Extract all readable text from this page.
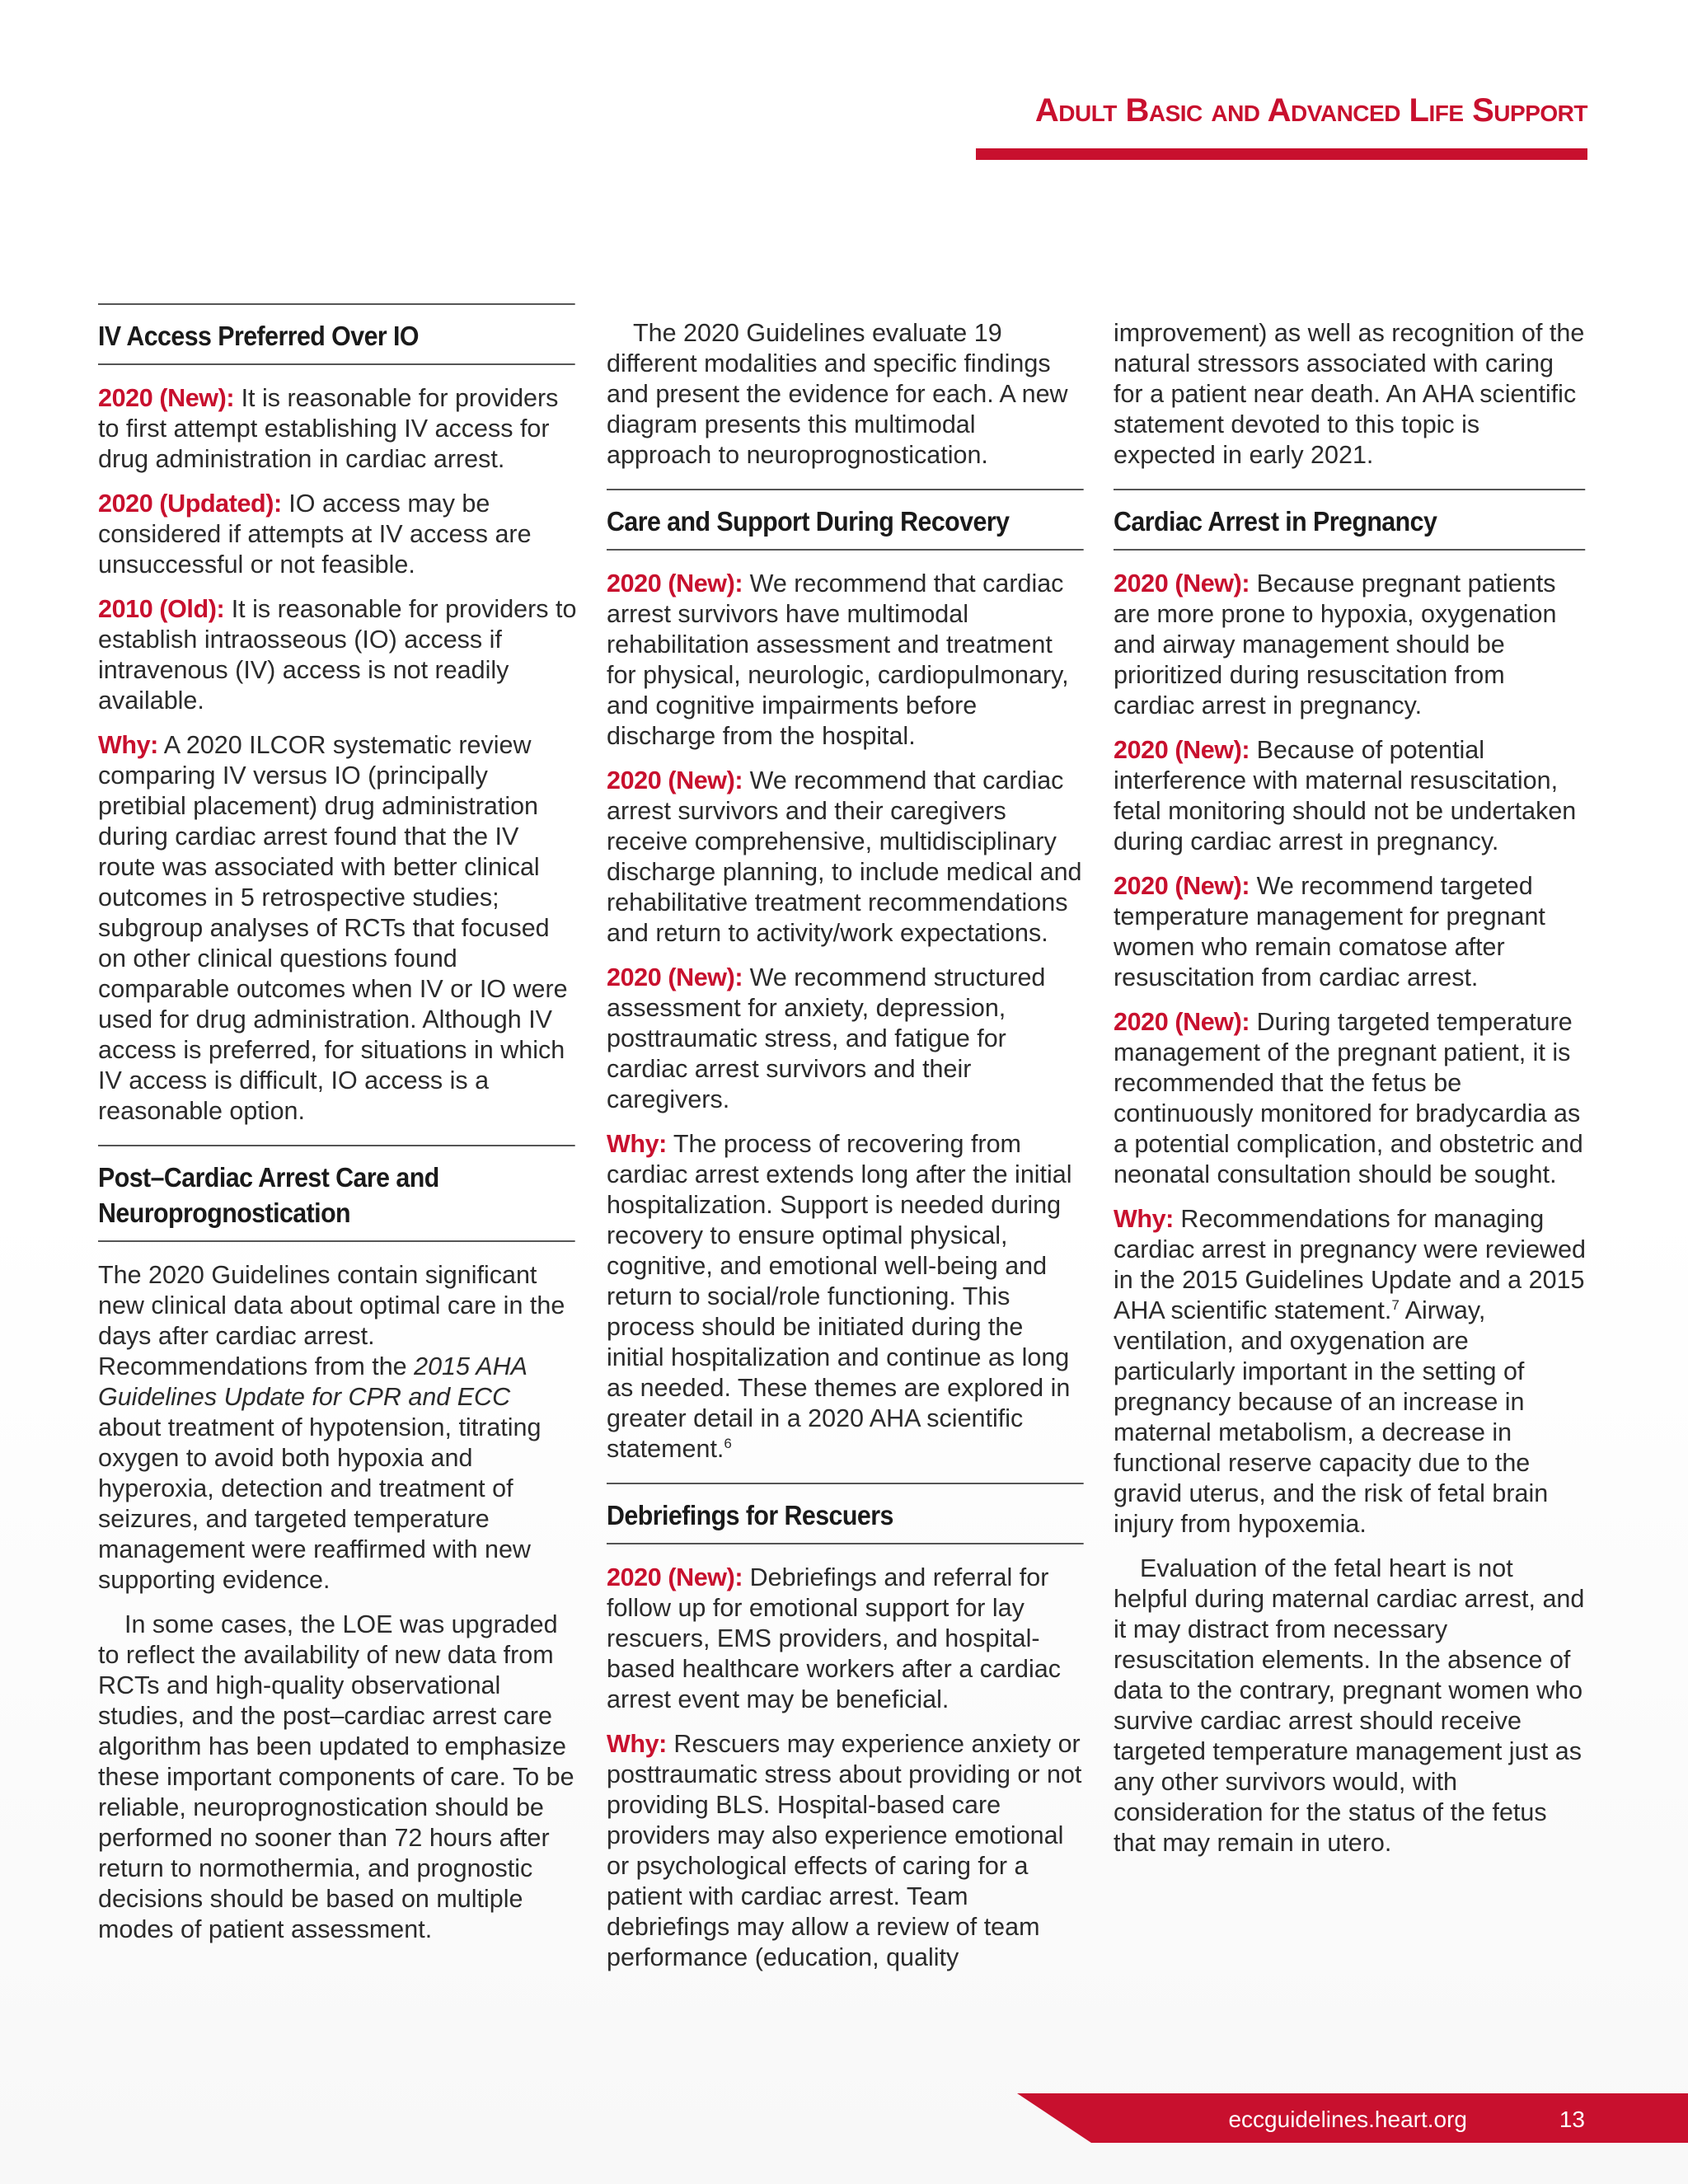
Adult Basic and Advanced Life Support
IV Access Preferred Over IO

2020 (New): It is reasonable for providers to first attempt establishing IV access for drug administration in cardiac arrest.

2020 (Updated): IO access may be considered if attempts at IV access are unsuccessful or not feasible.

2010 (Old): It is reasonable for providers to establish intraosseous (IO) access if intravenous (IV) access is not readily available.

Why: A 2020 ILCOR systematic review comparing IV versus IO (principally pretibial placement) drug administration during cardiac arrest found that the IV route was associated with better clinical outcomes in 5 retrospective studies; subgroup analyses of RCTs that focused on other clinical questions found comparable outcomes when IV or IO were used for drug administration. Although IV access is preferred, for situations in which IV access is difficult, IO access is a reasonable option.

Post–Cardiac Arrest Care and Neuroprognostication

The 2020 Guidelines contain significant new clinical data about optimal care in the days after cardiac arrest. Recommendations from the 2015 AHA Guidelines Update for CPR and ECC about treatment of hypotension, titrating oxygen to avoid both hypoxia and hyperoxia, detection and treatment of seizures, and targeted temperature management were reaffirmed with new supporting evidence.

In some cases, the LOE was upgraded to reflect the availability of new data from RCTs and high-quality observational studies, and the post–cardiac arrest care algorithm has been updated to emphasize these important components of care. To be reliable, neuroprognostication should be performed no sooner than 72 hours after return to normothermia, and prognostic decisions should be based on multiple modes of patient assessment.

The 2020 Guidelines evaluate 19 different modalities and specific findings and present the evidence for each. A new diagram presents this multimodal approach to neuroprognostication.

Care and Support During Recovery

2020 (New): We recommend that cardiac arrest survivors have multimodal rehabilitation assessment and treatment for physical, neurologic, cardiopulmonary, and cognitive impairments before discharge from the hospital.

2020 (New): We recommend that cardiac arrest survivors and their caregivers receive comprehensive, multidisciplinary discharge planning, to include medical and rehabilitative treatment recommendations and return to activity/work expectations.

2020 (New): We recommend structured assessment for anxiety, depression, posttraumatic stress, and fatigue for cardiac arrest survivors and their caregivers.

Why: The process of recovering from cardiac arrest extends long after the initial hospitalization. Support is needed during recovery to ensure optimal physical, cognitive, and emotional well-being and return to social/role functioning. This process should be initiated during the initial hospitalization and continue as long as needed. These themes are explored in greater detail in a 2020 AHA scientific statement.$^6$

Debriefings for Rescuers

2020 (New): Debriefings and referral for follow up for emotional support for lay rescuers, EMS providers, and hospital-based healthcare workers after a cardiac arrest event may be beneficial.

Why: Rescuers may experience anxiety or posttraumatic stress about providing or not providing BLS. Hospital-based care providers may also experience emotional or psychological effects of caring for a patient with cardiac arrest. Team debriefings may allow a review of team performance (education, quality

improvement) as well as recognition of the natural stressors associated with caring for a patient near death. An AHA scientific statement devoted to this topic is expected in early 2021.

Cardiac Arrest in Pregnancy

2020 (New): Because pregnant patients are more prone to hypoxia, oxygenation and airway management should be prioritized during resuscitation from cardiac arrest in pregnancy.

2020 (New): Because of potential interference with maternal resuscitation, fetal monitoring should not be undertaken during cardiac arrest in pregnancy.

2020 (New): We recommend targeted temperature management for pregnant women who remain comatose after resuscitation from cardiac arrest.

2020 (New): During targeted temperature management of the pregnant patient, it is recommended that the fetus be continuously monitored for bradycardia as a potential complication, and obstetric and neonatal consultation should be sought.

Why: Recommendations for managing cardiac arrest in pregnancy were reviewed in the 2015 Guidelines Update and a 2015 AHA scientific statement.$^7$ Airway, ventilation, and oxygenation are particularly important in the setting of pregnancy because of an increase in maternal metabolism, a decrease in functional reserve capacity due to the gravid uterus, and the risk of fetal brain injury from hypoxemia.

Evaluation of the fetal heart is not helpful during maternal cardiac arrest, and it may distract from necessary resuscitation elements. In the absence of data to the contrary, pregnant women who survive cardiac arrest should receive targeted temperature management just as any other survivors would, with consideration for the status of the fetus that may remain in utero.

eccguidelines.heart.org	13
